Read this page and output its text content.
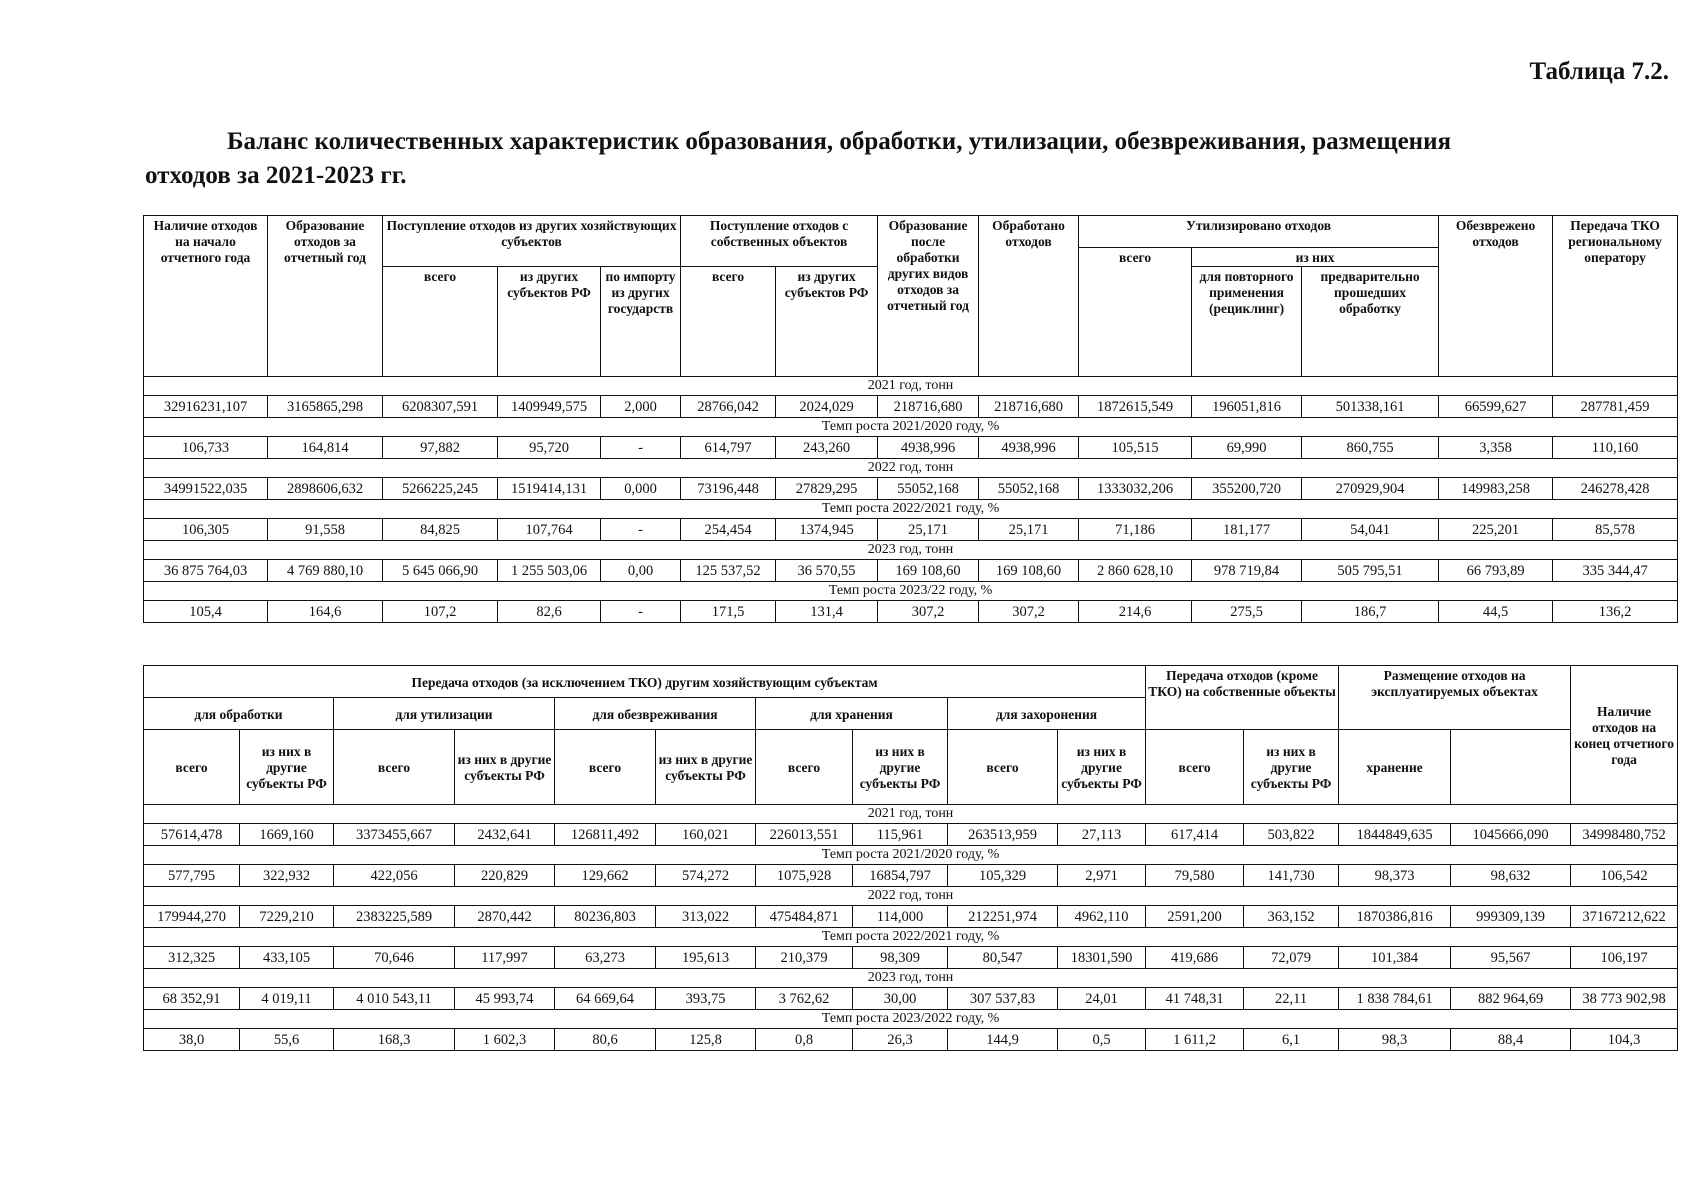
Таблица 7.2.
Баланс количественных характеристик образования, обработки, утилизации, обезвреживания, размещения
отходов за 2021-2023 гг.
Наличие отходов на начало отчетного года	Образование отходов за отчетный год	Поступление отходов из других хозяйствующих субъектов			Поступление отходов с собственных объектов		Образование после обработки других видов отходов за отчетный год	Обработано отходов	Утилизировано отходов			Обезврежено отходов	Передача ТКО региональному оператору
									всего	из них			
		всего	из других субъектов РФ	по импорту из других государств	всего	из других субъектов РФ				для повторного применения (рециклинг)	предварительно прошедших обработку		
2021 год, тонн													
32916231,107	3165865,298	6208307,591	1409949,575	2,000	28766,042	2024,029	218716,680	218716,680	1872615,549	196051,816	501338,161	66599,627	287781,459
Темп роста 2021/2020 году, %													
106,733	164,814	97,882	95,720	-	614,797	243,260	4938,996	4938,996	105,515	69,990	860,755	3,358	110,160
2022 год, тонн													
34991522,035	2898606,632	5266225,245	1519414,131	0,000	73196,448	27829,295	55052,168	55052,168	1333032,206	355200,720	270929,904	149983,258	246278,428
Темп роста 2022/2021 году, %													
106,305	91,558	84,825	107,764	-	254,454	1374,945	25,171	25,171	71,186	181,177	54,041	225,201	85,578
2023 год, тонн													
36 875 764,03	4 769 880,10	5 645 066,90	1 255 503,06	0,00	125 537,52	36 570,55	169 108,60	169 108,60	2 860 628,10	978 719,84	505 795,51	66 793,89	335 344,47
Темп роста 2023/22 году, %													
105,4	164,6	107,2	82,6	-	171,5	131,4	307,2	307,2	214,6	275,5	186,7	44,5	136,2
Передача отходов (за исключением ТКО) другим хозяйствующим субъектам										Передача отходов (кроме ТКО) на собственные объекты		Размещение отходов на эксплуатируемых объектах		Наличие отходов на конец отчетного года
для обработки		для утилизации		для обезвреживания		для хранения		для захоронения						
всего	из них в другие субъекты РФ	всего	из них в другие субъекты РФ	всего	из них в другие субъекты РФ	всего	из них в другие субъекты РФ	всего	из них в другие субъекты РФ	всего	из них в другие субъекты РФ	хранение		
2021 год, тонн														
57614,478	1669,160	3373455,667	2432,641	126811,492	160,021	226013,551	115,961	263513,959	27,113	617,414	503,822	1844849,635	1045666,090	34998480,752
Темп роста 2021/2020 году, %														
577,795	322,932	422,056	220,829	129,662	574,272	1075,928	16854,797	105,329	2,971	79,580	141,730	98,373	98,632	106,542
2022 год, тонн														
179944,270	7229,210	2383225,589	2870,442	80236,803	313,022	475484,871	114,000	212251,974	4962,110	2591,200	363,152	1870386,816	999309,139	37167212,622
Темп роста 2022/2021 году, %														
312,325	433,105	70,646	117,997	63,273	195,613	210,379	98,309	80,547	18301,590	419,686	72,079	101,384	95,567	106,197
2023 год, тонн														
68 352,91	4 019,11	4 010 543,11	45 993,74	64 669,64	393,75	3 762,62	30,00	307 537,83	24,01	41 748,31	22,11	1 838 784,61	882 964,69	38 773 902,98
Темп роста 2023/2022 году, %														
38,0	55,6	168,3	1 602,3	80,6	125,8	0,8	26,3	144,9	0,5	1 611,2	6,1	98,3	88,4	104,3
